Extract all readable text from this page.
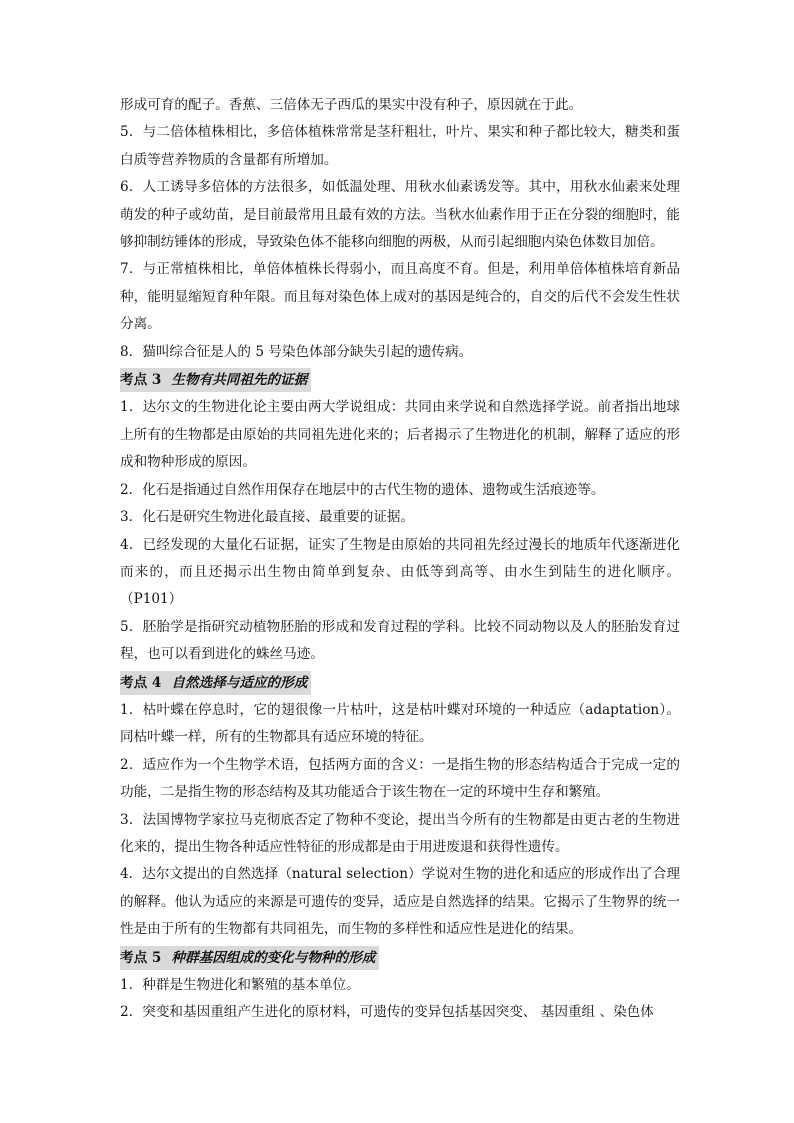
形成可育的配子。香蕉、三倍体无子西瓜的果实中没有种子，原因就在于此。

5．与二倍体植株相比，多倍体植株常常是茎秆粗壮，叶片、果实和种子都比较大，糖类和蛋白质等营养物质的含量都有所增加。

6．人工诱导多倍体的方法很多，如低温处理、用秋水仙素诱发等。其中，用秋水仙素来处理萌发的种子或幼苗，是目前最常用且最有效的方法。当秋水仙素作用于正在分裂的细胞时，能够抑制纺锤体的形成，导致染色体不能移向细胞的两极，从而引起细胞内染色体数目加倍。

7．与正常植株相比，单倍体植株长得弱小，而且高度不育。但是，利用单倍体植株培育新品种，能明显缩短育种年限。而且每对染色体上成对的基因是纯合的，自交的后代不会发生性状分离。

8．猫叫综合征是人的 5 号染色体部分缺失引起的遗传病。

考点 3 生物有共同祖先的证据

1．达尔文的生物进化论主要由两大学说组成：共同由来学说和自然选择学说。前者指出地球上所有的生物都是由原始的共同祖先进化来的；后者揭示了生物进化的机制，解释了适应的形成和物种形成的原因。

2．化石是指通过自然作用保存在地层中的古代生物的遗体、遗物或生活痕迹等。

3．化石是研究生物进化最直接、最重要的证据。

4．已经发现的大量化石证据，证实了生物是由原始的共同祖先经过漫长的地质年代逐渐进化而来的，而且还揭示出生物由简单到复杂、由低等到高等、由水生到陆生的进化顺序。（P101）

5．胚胎学是指研究动植物胚胎的形成和发育过程的学科。比较不同动物以及人的胚胎发育过程，也可以看到进化的蛛丝马迹。

考点 4 自然选择与适应的形成

1．枯叶蝶在停息时，它的翅很像一片枯叶，这是枯叶蝶对环境的一种适应（adaptation）。同枯叶蝶一样，所有的生物都具有适应环境的特征。

2．适应作为一个生物学术语，包括两方面的含义：一是指生物的形态结构适合于完成一定的功能，二是指生物的形态结构及其功能适合于该生物在一定的环境中生存和繁殖。

3．法国博物学家拉马克彻底否定了物种不变论，提出当今所有的生物都是由更古老的生物进化来的，提出生物各种适应性特征的形成都是由于用进废退和获得性遗传。

4．达尔文提出的自然选择（natural selection）学说对生物的进化和适应的形成作出了合理的解释。他认为适应的来源是可遗传的变异，适应是自然选择的结果。它揭示了生物界的统一性是由于所有的生物都有共同祖先，而生物的多样性和适应性是进化的结果。

考点 5 种群基因组成的变化与物种的形成

1．种群是生物进化和繁殖的基本单位。

2．突变和基因重组产生进化的原材料，可遗传的变异包括基因突变、 基因重组 、染色体
